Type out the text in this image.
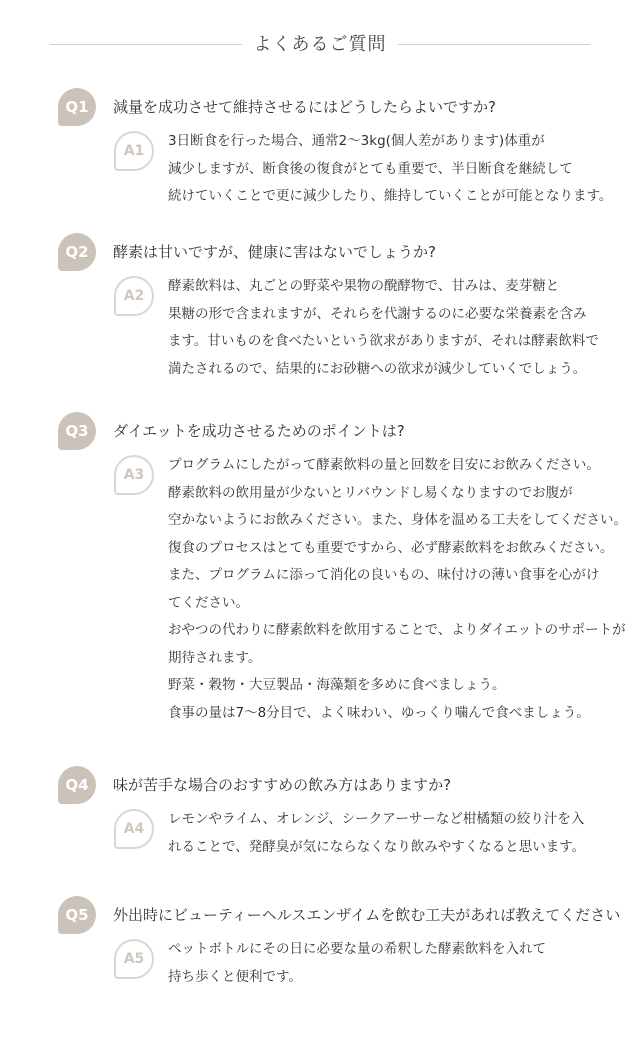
よくあるご質問
Q1	減量を成功させて維持させるにはどうしたらよいですか?
A1
3日断食を行った場合、通常2〜3kg(個人差があります)体重が
減少しますが、断食後の復食がとても重要で、半日断食を継続して
続けていくことで更に減少したり、維持していくことが可能となります。
Q2	酵素は甘いですが、健康に害はないでしょうか?
A2
酵素飲料は、丸ごとの野菜や果物の醗酵物で、甘みは、麦芽糖と
果糖の形で含まれますが、それらを代謝するのに必要な栄養素を含み
ます。甘いものを食べたいという欲求がありますが、それは酵素飲料で
満たされるので、結果的にお砂糖への欲求が減少していくでしょう。
Q3	ダイエットを成功させるためのポイントは?
A3
プログラムにしたがって酵素飲料の量と回数を目安にお飲みください。
酵素飲料の飲用量が少ないとリバウンドし易くなりますのでお腹が
空かないようにお飲みください。また、身体を温める工夫をしてください。
復食のプロセスはとても重要ですから、必ず酵素飲料をお飲みください。
また、プログラムに添って消化の良いもの、味付けの薄い食事を心がけ
てください。
おやつの代わりに酵素飲料を飲用することで、よりダイエットのサポートが
期待されます。
野菜・穀物・大豆製品・海藻類を多めに食べましょう。
食事の量は7〜8分目で、よく味わい、ゆっくり噛んで食べましょう。
Q4	味が苦手な場合のおすすめの飲み方はありますか?
A4
レモンやライム、オレンジ、シークアーサーなど柑橘類の絞り汁を入
れることで、発酵臭が気にならなくなり飲みやすくなると思います。
Q5	外出時にビューティーヘルスエンザイムを飲む工夫があれば教えてください
A5
ペットボトルにその日に必要な量の希釈した酵素飲料を入れて
持ち歩くと便利です。
